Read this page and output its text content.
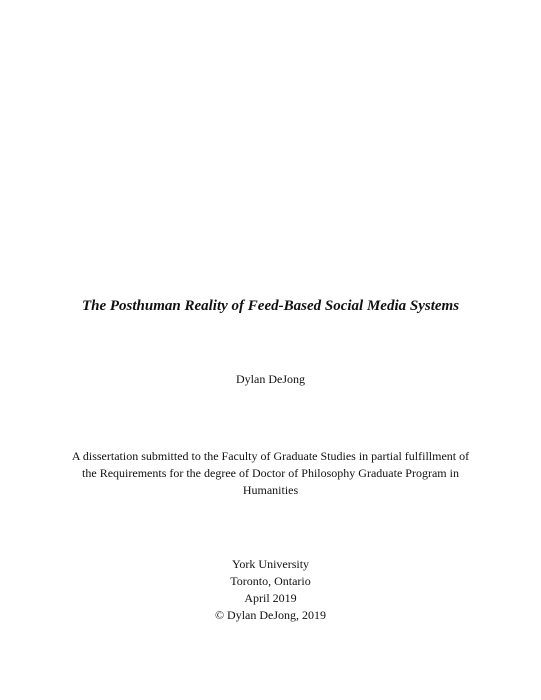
The Posthuman Reality of Feed-Based Social Media Systems
Dylan DeJong
A dissertation submitted to the Faculty of Graduate Studies in partial fulfillment of
the Requirements for the degree of Doctor of Philosophy Graduate Program in
Humanities
York University
Toronto, Ontario
April 2019
© Dylan DeJong, 2019
